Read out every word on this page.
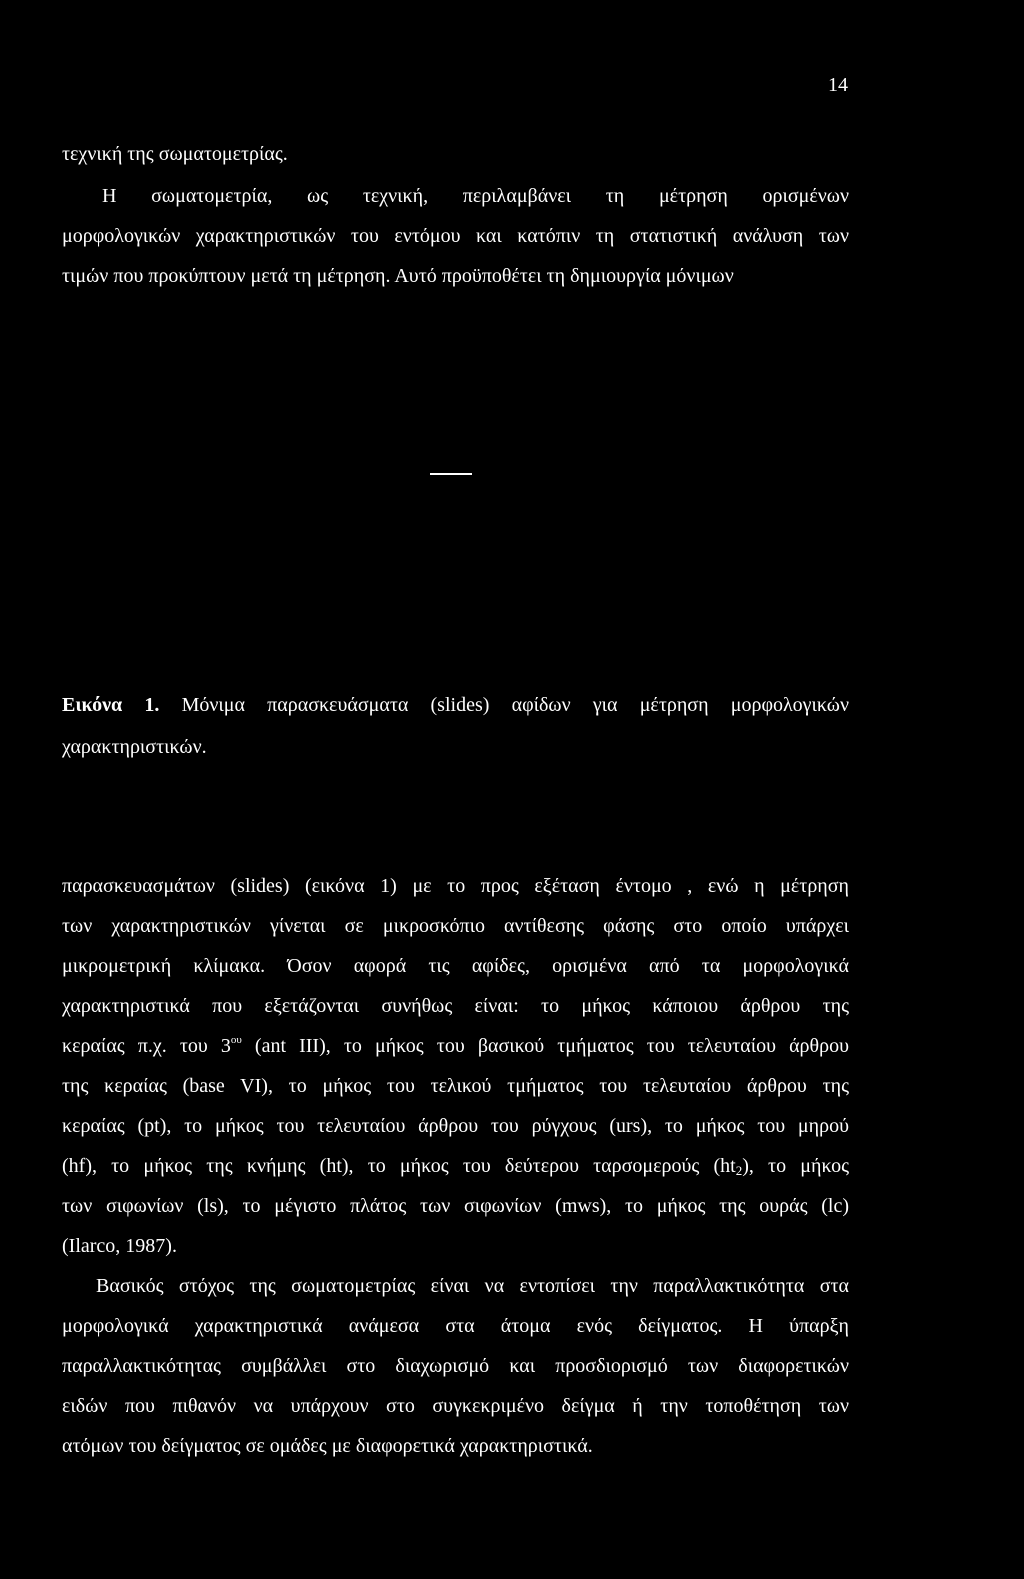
14

τεχνική της σωματομετρίας.

Η σωματομετρία, ως τεχνική, περιλαμβάνει τη μέτρηση ορισμένων

μορφολογικών χαρακτηριστικών του εντόμου και κατόπιν τη στατιστική ανάλυση των

τιμών που προκύπτουν μετά τη μέτρηση. Αυτό προϋποθέτει τη δημιουργία μόνιμων

Εικόνα 1. Μόνιμα παρασκευάσματα (slides) αφίδων για μέτρηση μορφολογικών

χαρακτηριστικών.

παρασκευασμάτων (slides) (εικόνα 1) με το προς εξέταση έντομο , ενώ η μέτρηση

των χαρακτηριστικών γίνεται σε μικροσκόπιο αντίθεσης φάσης στο οποίο υπάρχει

μικρομετρική κλίμακα. Όσον αφορά τις αφίδες, ορισμένα από τα μορφολογικά

χαρακτηριστικά που εξετάζονται συνήθως είναι: το μήκος κάποιου άρθρου της

κεραίας π.χ. του $3^{o\upsilon}$ (ant III), το μήκος του βασικού τμήματος του τελευταίου άρθρου

της κεραίας (base VI), το μήκος του τελικού τμήματος του τελευταίου άρθρου της

κεραίας (pt), το μήκος του τελευταίου άρθρου του ρύγχους (urs), το μήκος του μηρού

(hf), το μήκος της κνήμης (ht), το μήκος του δεύτερου ταρσομερούς $(ht_2)$, το μήκος

των σιφωνίων (ls), το μέγιστο πλάτος των σιφωνίων (mws), το μήκος της ουράς (lc)

(Ilarco, 1987).

Βασικός στόχος της σωματομετρίας είναι να εντοπίσει την παραλλακτικότητα στα

μορφολογικά χαρακτηριστικά ανάμεσα στα άτομα ενός δείγματος. Η ύπαρξη

παραλλακτικότητας συμβάλλει στο διαχωρισμό και προσδιορισμό των διαφορετικών

ειδών που πιθανόν να υπάρχουν στο συγκεκριμένο δείγμα ή την τοποθέτηση των

ατόμων του δείγματος σε ομάδες με διαφορετικά χαρακτηριστικά.
